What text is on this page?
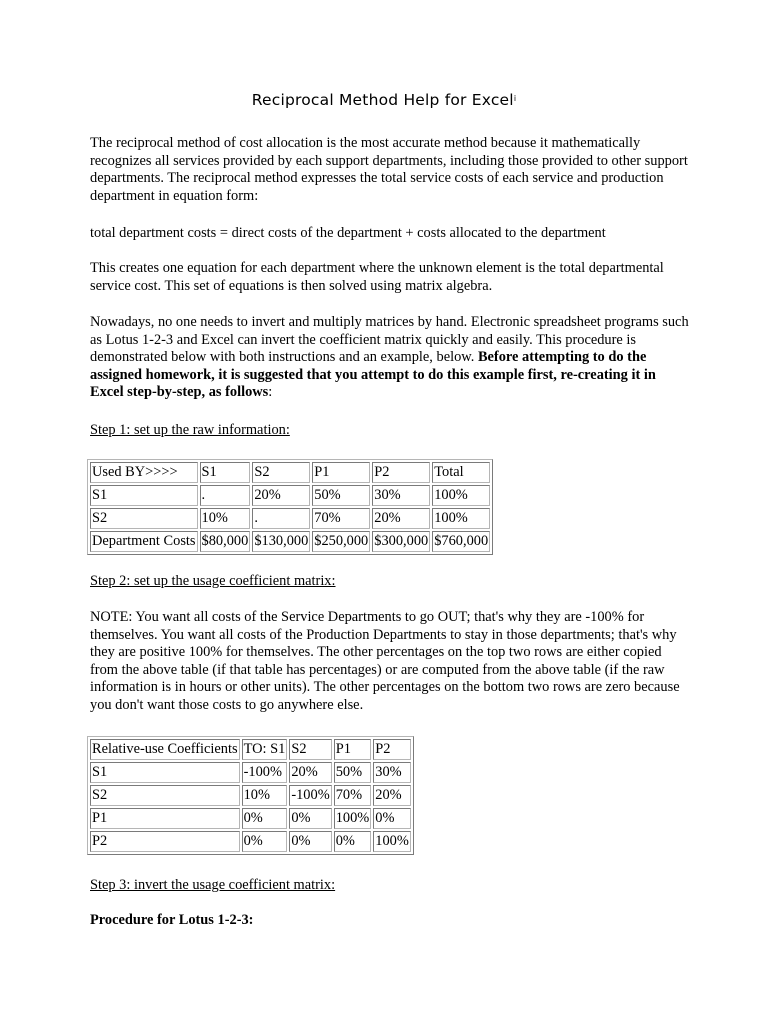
Reciprocal Method Help for Excel$^i$

The reciprocal method of cost allocation is the most accurate method because it mathematically recognizes all services provided by each support departments, including those provided to other support departments. The reciprocal method expresses the total service costs of each service and production department in equation form:

total department costs = direct costs of the department + costs allocated to the department

This creates one equation for each department where the unknown element is the total departmental service cost. This set of equations is then solved using matrix algebra.

Nowadays, no one needs to invert and multiply matrices by hand. Electronic spreadsheet programs such as Lotus 1-2-3 and Excel can invert the coefficient matrix quickly and easily. This procedure is demonstrated below with both instructions and an example, below. Before attempting to do the assigned homework, it is suggested that you attempt to do this example first, re-creating it in Excel step-by-step, as follows:

Step 1: set up the raw information:

Used BY>>>>	S1	S2	P1	P2	Total
S1	.	20%	50%	30%	100%
S2	10%	.	70%	20%	100%
Department Costs	$80,000	$130,000	$250,000	$300,000	$760,000

Step 2: set up the usage coefficient matrix:

NOTE: You want all costs of the Service Departments to go OUT; that's why they are -100% for themselves. You want all costs of the Production Departments to stay in those departments; that's why they are positive 100% for themselves. The other percentages on the top two rows are either copied from the above table (if that table has percentages) or are computed from the above table (if the raw information is in hours or other units). The other percentages on the bottom two rows are zero because you don't want those costs to go anywhere else.

Relative-use Coefficients	TO: S1	S2	P1	P2
S1	-100%	20%	50%	30%
S2	10%	-100%	70%	20%
P1	0%	0%	100%	0%
P2	0%	0%	0%	100%

Step 3: invert the usage coefficient matrix:

Procedure for Lotus 1-2-3:
